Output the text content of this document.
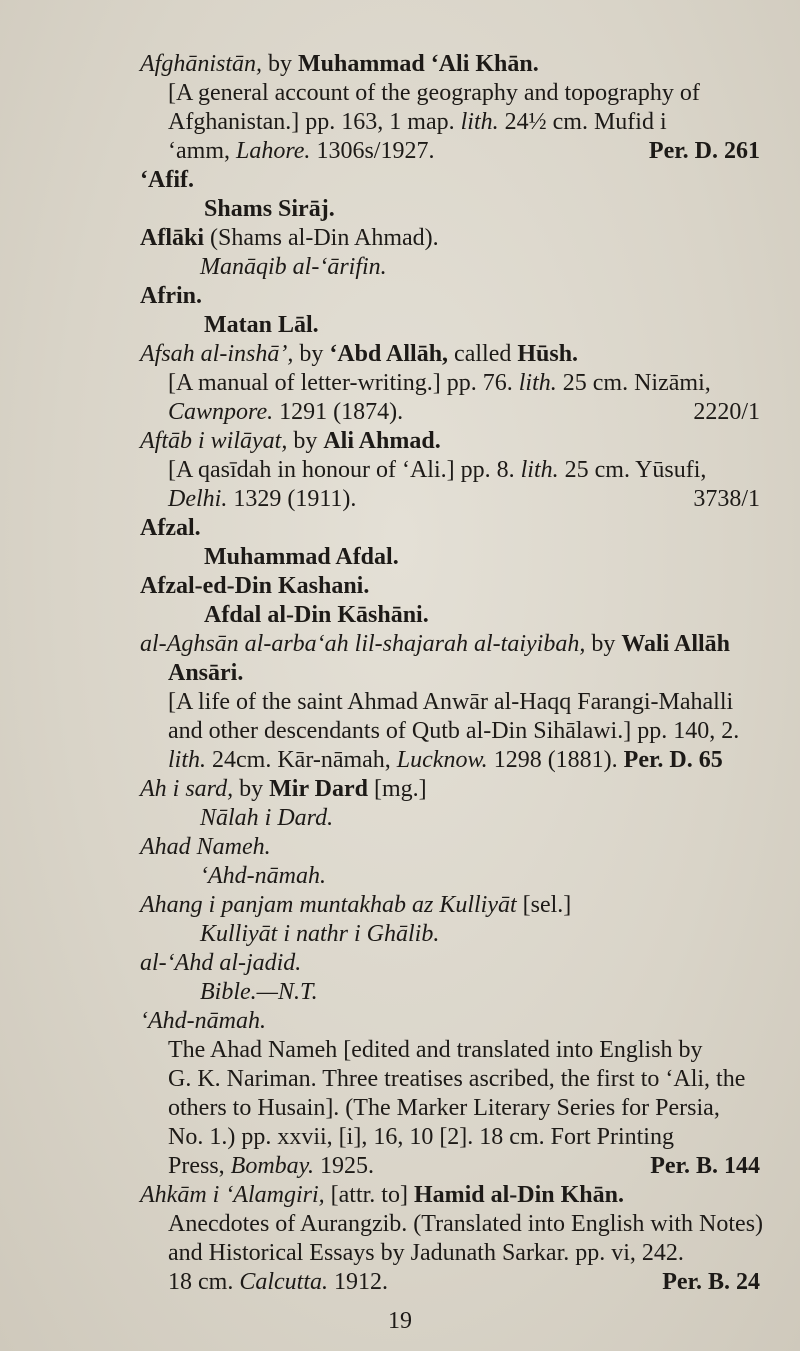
Afghānistān, by Muhammad ‘Ali Khān.
[A general account of the geography and topography of
Afghanistan.] pp. 163, 1 map. lith. 24½ cm. Mufid i
‘amm, Lahore. 1306s/1927.	Per. D. 261
‘Afif.
Shams Sirāj.
Aflāki (Shams al-Din Ahmad).
Manāqib al-‘ārifin.
Afrin.
Matan Lāl.
Afsah al-inshā’, by ‘Abd Allāh, called Hūsh.
[A manual of letter-writing.] pp. 76. lith. 25 cm. Nizāmi,
Cawnpore. 1291 (1874).	2220/1
Aftāb i wilāyat, by Ali Ahmad.
[A qasīdah in honour of ‘Ali.] pp. 8. lith. 25 cm. Yūsufi,
Delhi. 1329 (1911).	3738/1
Afzal.
Muhammad Afdal.
Afzal-ed-Din Kashani.
Afdal al-Din Kāshāni.
al-Aghsān al-arba‘ah lil-shajarah al-taiyibah, by Wali Allāh
Ansāri.
[A life of the saint Ahmad Anwār al-Haqq Farangi-Mahalli
and other descendants of Qutb al-Din Sihālawi.] pp. 140, 2.
lith. 24cm. Kār-nāmah, Lucknow. 1298 (1881). Per. D. 65
Ah i sard, by Mir Dard [mg.]
Nālah i Dard.
Ahad Nameh.
‘Ahd-nāmah.
Ahang i panjam muntakhab az Kulliyāt [sel.]
Kulliyāt i nathr i Ghālib.
al-‘Ahd al-jadid.
Bible.—N.T.
‘Ahd-nāmah.
The Ahad Nameh [edited and translated into English by
G. K. Nariman. Three treatises ascribed, the first to ‘Ali, the
others to Husain]. (The Marker Literary Series for Persia,
No. 1.) pp. xxvii, [i], 16, 10 [2]. 18 cm. Fort Printing
Press, Bombay. 1925.	Per. B. 144
Ahkām i ‘Alamgiri, [attr. to] Hamid al-Din Khān.
Anecdotes of Aurangzib. (Translated into English with Notes)
and Historical Essays by Jadunath Sarkar. pp. vi, 242.
18 cm. Calcutta. 1912.	Per. B. 24
19
